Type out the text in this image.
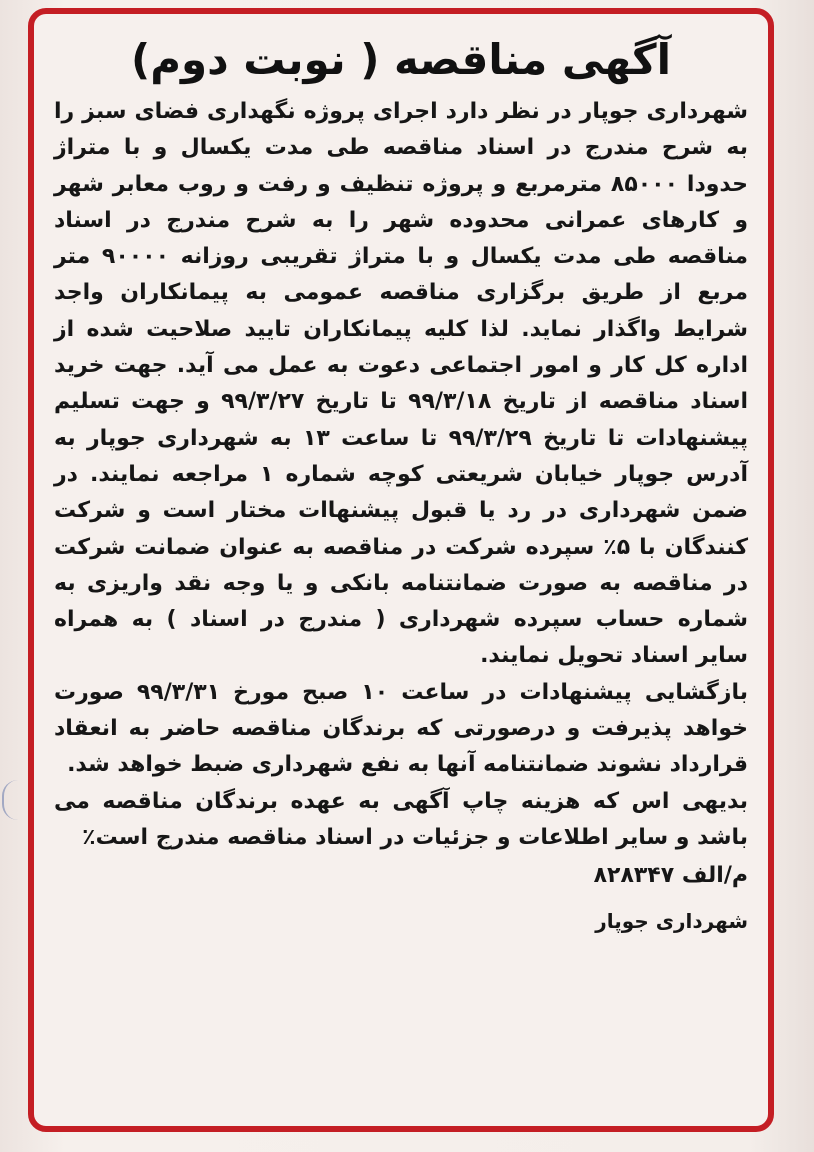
آگهی مناقصه ( نوبت دوم)

شهرداری جوپار در نظر دارد اجرای پروژه نگهداری فضای سبز را به شرح مندرج در اسناد مناقصه طی مدت یکسال و با متراژ حدودا ۸۵۰۰۰ مترمربع و پروژه تنظیف و رفت و روب معابر شهر و کارهای عمرانی محدوده شهر را به شرح مندرج در اسناد مناقصه طی مدت یکسال و با متراژ تقریبی روزانه ۹۰۰۰۰ متر مربع از طریق برگزاری مناقصه عمومی به پیمانکاران واجد شرایط واگذار نماید. لذا کلیه پیمانکاران تایید صلاحیت شده از اداره کل کار و امور اجتماعی دعوت به عمل می آید. جهت خرید اسناد مناقصه از تاریخ ۹۹/۳/۱۸ تا تاریخ ۹۹/۳/۲۷ و جهت تسلیم پیشنهادات تا تاریخ ۹۹/۳/۲۹ تا ساعت ۱۳ به شهرداری جوپار به آدرس جوپار خیابان شریعتی کوچه شماره ۱ مراجعه نمایند. در ضمن شهرداری در رد یا قبول پیشنهاات مختار است و شرکت کنندگان با ۵٪ سپرده شرکت در مناقصه به عنوان ضمانت شرکت در مناقصه به صورت ضمانتنامه بانکی و یا وجه نقد واریزی به شماره حساب سپرده شهرداری ( مندرج در اسناد ) به همراه سایر اسناد تحویل نمایند.

بازگشایی پیشنهادات در ساعت ۱۰ صبح مورخ ۹۹/۳/۳۱ صورت خواهد پذیرفت و درصورتی که برندگان مناقصه حاضر به انعقاد قرارداد نشوند ضمانتنامه آنها به نفع شهرداری ضبط خواهد شد.

بدیهی اس که هزینه چاپ آگهی به عهده برندگان مناقصه می باشد و سایر اطلاعات و جزئیات در اسناد مناقصه مندرج است٪

م/الف ۸۲۸۳۴۷
شهرداری جوپار
